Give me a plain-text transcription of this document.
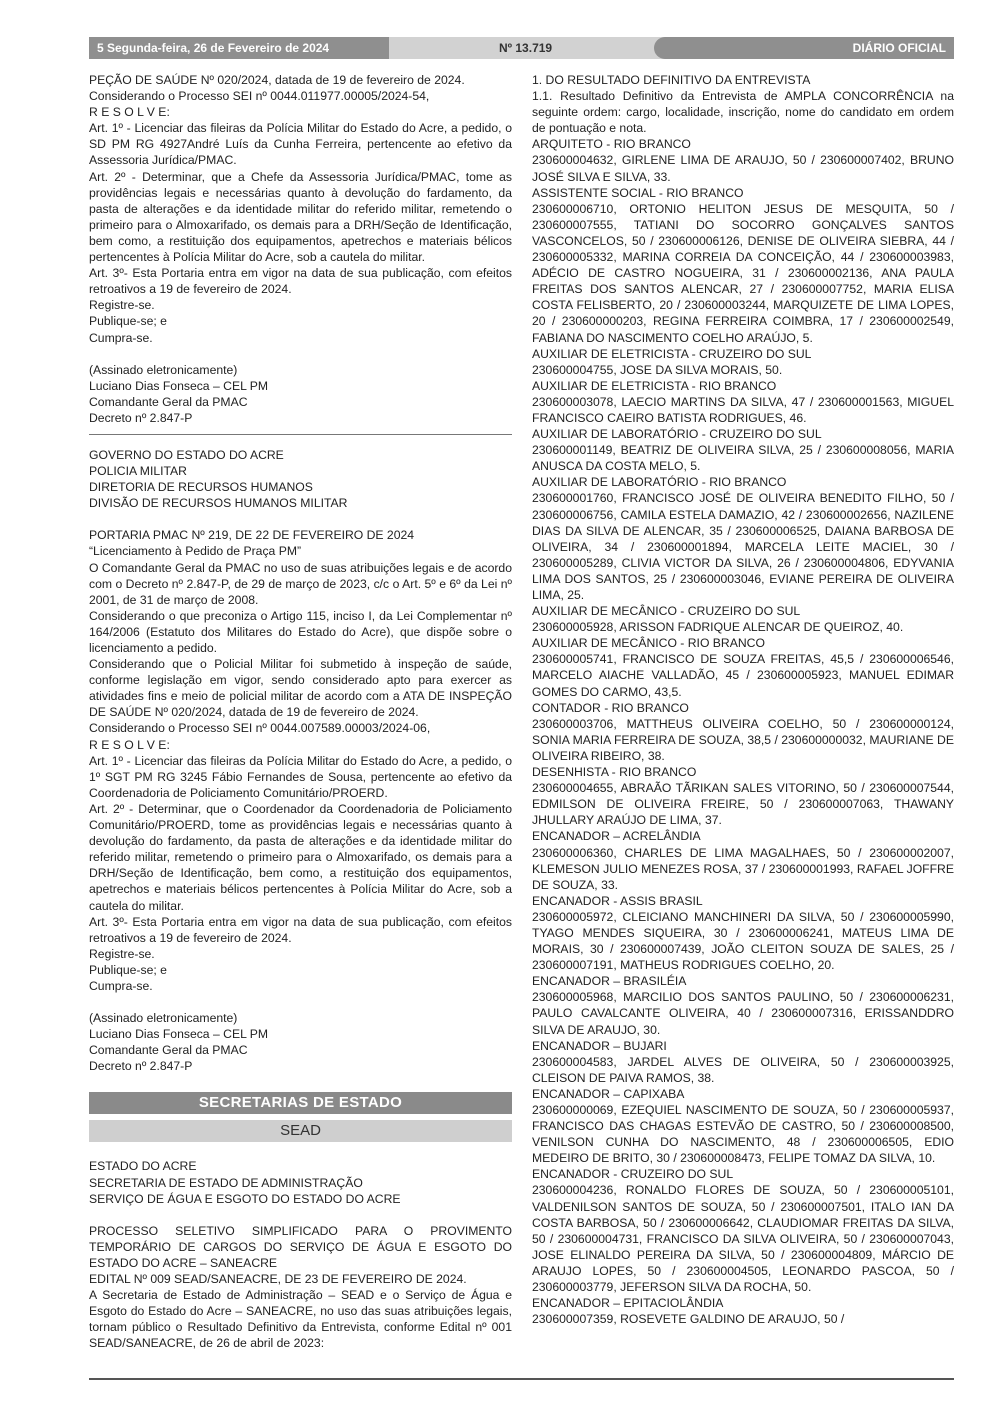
5 Segunda-feira, 26 de Fevereiro de 2024	Nº 13.719	DIÁRIO OFICIAL

PEÇÃO DE SAÚDE Nº 020/2024, datada de 19 de fevereiro de 2024.

Considerando o Processo SEI nº 0044.011977.00005/2024-54,

R E S O L V E:

Art. 1º - Licenciar das fileiras da Polícia Militar do Estado do Acre, a pedido, o SD PM RG 4927André Luís da Cunha Ferreira, pertencente ao efetivo da Assessoria Jurídica/PMAC.

Art. 2º - Determinar, que a Chefe da Assessoria Jurídica/PMAC, tome as providências legais e necessárias quanto à devolução do fardamento, da pasta de alterações e da identidade militar do referido militar, remetendo o primeiro para o Almoxarifado, os demais para a DRH/Seção de Identificação, bem como, a restituição dos equipamentos, apetrechos e materiais bélicos pertencentes à Polícia Militar do Acre, sob a cautela do militar.

Art. 3º- Esta Portaria entra em vigor na data de sua publicação, com efeitos retroativos a 19 de fevereiro de 2024.

Registre-se.

Publique-se; e

Cumpra-se.

(Assinado eletronicamente)

Luciano Dias Fonseca – CEL PM

Comandante Geral da PMAC

Decreto nº 2.847-P

GOVERNO DO ESTADO DO ACRE

POLICIA MILITAR

DIRETORIA DE RECURSOS HUMANOS

DIVISÃO DE RECURSOS HUMANOS MILITAR

PORTARIA PMAC Nº 219, DE 22 DE FEVEREIRO DE 2024

“Licenciamento à Pedido de Praça PM”

O Comandante Geral da PMAC no uso de suas atribuições legais e de acordo com o Decreto nº 2.847-P, de 29 de março de 2023, c/c o Art. 5º e 6º da Lei nº 2001, de 31 de março de 2008.

Considerando o que preconiza o Artigo 115, inciso I, da Lei Complementar nº 164/2006 (Estatuto dos Militares do Estado do Acre), que dispõe sobre o licenciamento a pedido.

Considerando que o Policial Militar foi submetido à inspeção de saúde, conforme legislação em vigor, sendo considerado apto para exercer as atividades fins e meio de policial militar de acordo com a ATA DE INSPEÇÃO DE SAÚDE Nº 020/2024, datada de 19 de fevereiro de 2024.

Considerando o Processo SEI nº 0044.007589.00003/2024-06,

R E S O L V E:

Art. 1º - Licenciar das fileiras da Polícia Militar do Estado do Acre, a pedido, o 1º SGT PM RG 3245 Fábio Fernandes de Sousa, pertencente ao efetivo da Coordenadoria de Policiamento Comunitário/PROERD.

Art. 2º - Determinar, que o Coordenador da Coordenadoria de Policiamento Comunitário/PROERD, tome as providências legais e necessárias quanto à devolução do fardamento, da pasta de alterações e da identidade militar do referido militar, remetendo o primeiro para o Almoxarifado, os demais para a DRH/Seção de Identificação, bem como, a restituição dos equipamentos, apetrechos e materiais bélicos pertencentes à Polícia Militar do Acre, sob a cautela do militar.

Art. 3º- Esta Portaria entra em vigor na data de sua publicação, com efeitos retroativos a 19 de fevereiro de 2024.

Registre-se.

Publique-se; e

Cumpra-se.

(Assinado eletronicamente)

Luciano Dias Fonseca – CEL PM

Comandante Geral da PMAC

Decreto nº 2.847-P

SECRETARIAS DE ESTADO
SEAD

ESTADO DO ACRE

SECRETARIA DE ESTADO DE ADMINISTRAÇÃO

SERVIÇO DE ÁGUA E ESGOTO DO ESTADO DO ACRE

PROCESSO SELETIVO SIMPLIFICADO PARA O PROVIMENTO TEMPORÁRIO DE CARGOS DO SERVIÇO DE ÁGUA E ESGOTO DO ESTADO DO ACRE – SANEACRE

EDITAL Nº 009 SEAD/SANEACRE, DE 23 DE FEVEREIRO DE 2024.

A Secretaria de Estado de Administração – SEAD e o Serviço de Água e Esgoto do Estado do Acre – SANEACRE, no uso das suas atribuições legais, tornam público o Resultado Definitivo da Entrevista, conforme Edital nº 001 SEAD/SANEACRE, de 26 de abril de 2023:

1. DO RESULTADO DEFINITIVO DA ENTREVISTA

1.1. Resultado Definitivo da Entrevista de AMPLA CONCORRÊNCIA na seguinte ordem: cargo, localidade, inscrição, nome do candidato em ordem de pontuação e nota.

ARQUITETO - RIO BRANCO

230600004632, GIRLENE LIMA DE ARAUJO, 50 / 230600007402, BRUNO JOSÉ SILVA E SILVA, 33.

ASSISTENTE SOCIAL - RIO BRANCO

230600006710, ORTONIO HELITON JESUS DE MESQUITA, 50 / 230600007555, TATIANI DO SOCORRO GONÇALVES SANTOS VASCONCELOS, 50 / 230600006126, DENISE DE OLIVEIRA SIEBRA, 44 / 230600005332, MARINA CORREIA DA CONCEIÇÃO, 44 / 230600003983, ADÉCIO DE CASTRO NOGUEIRA, 31 / 230600002136, ANA PAULA FREITAS DOS SANTOS ALENCAR, 27 / 230600007752, MARIA ELISA COSTA FELISBERTO, 20 / 230600003244, MARQUIZETE DE LIMA LOPES, 20 / 230600000203, REGINA FERREIRA COIMBRA, 17 / 230600002549, FABIANA DO NASCIMENTO COELHO ARAÚJO, 5.

AUXILIAR DE ELETRICISTA - CRUZEIRO DO SUL

230600004755, JOSE DA SILVA MORAIS, 50.

AUXILIAR DE ELETRICISTA - RIO BRANCO

230600003078, LAECIO MARTINS DA SILVA, 47 / 230600001563, MIGUEL FRANCISCO CAEIRO BATISTA RODRIGUES, 46.

AUXILIAR DE LABORATÓRIO - CRUZEIRO DO SUL

230600001149, BEATRIZ DE OLIVEIRA SILVA, 25 / 230600008056, MARIA ANUSCA DA COSTA MELO, 5.

AUXILIAR DE LABORATÓRIO - RIO BRANCO

230600001760, FRANCISCO JOSÉ DE OLIVEIRA BENEDITO FILHO, 50 / 230600006756, CAMILA ESTELA DAMAZIO, 42 / 230600002656, NAZILENE DIAS DA SILVA DE ALENCAR, 35 / 230600006525, DAIANA BARBOSA DE OLIVEIRA, 34 / 230600001894, MARCELA LEITE MACIEL, 30 / 230600005289, CLIVIA VICTOR DA SILVA, 26 / 230600004806, EDYVANIA LIMA DOS SANTOS, 25 / 230600003046, EVIANE PEREIRA DE OLIVEIRA LIMA, 25.

AUXILIAR DE MECÂNICO - CRUZEIRO DO SUL

230600005928, ARISSON FADRIQUE ALENCAR DE QUEIROZ, 40.

AUXILIAR DE MECÂNICO - RIO BRANCO

230600005741, FRANCISCO DE SOUZA FREITAS, 45,5 / 230600006546, MARCELO AIACHE VALLADÃO, 45 / 230600005923, MANUEL EDIMAR GOMES DO CARMO, 43,5.

CONTADOR - RIO BRANCO

230600003706, MATTHEUS OLIVEIRA COELHO, 50 / 230600000124, SONIA MARIA FERREIRA DE SOUZA, 38,5 / 230600000032, MAURIANE DE OLIVEIRA RIBEIRO, 38.

DESENHISTA - RIO BRANCO

230600004655, ABRAÃO TÃRIKAN SALES VITORINO, 50 / 230600007544, EDMILSON DE OLIVEIRA FREIRE, 50 / 230600007063, THAWANY JHULLARY ARAÚJO DE LIMA, 37.

ENCANADOR – ACRELÂNDIA

230600006360, CHARLES DE LIMA MAGALHAES, 50 / 230600002007, KLEMESON JULIO MENEZES ROSA, 37 / 230600001993, RAFAEL JOFFRE DE SOUZA, 33.

ENCANADOR - ASSIS BRASIL

230600005972, CLEICIANO MANCHINERI DA SILVA, 50 / 230600005990, TYAGO MENDES SIQUEIRA, 30 / 230600006241, MATEUS LIMA DE MORAIS, 30 / 230600007439, JOÃO CLEITON SOUZA DE SALES, 25 / 230600007191, MATHEUS RODRIGUES COELHO, 20.

ENCANADOR – BRASILÉIA

230600005968, MARCILIO DOS SANTOS PAULINO, 50 / 230600006231, PAULO CAVALCANTE OLIVEIRA, 40 / 230600007316, ERISSANDDRO SILVA DE ARAUJO, 30.

ENCANADOR – BUJARI

230600004583, JARDEL ALVES DE OLIVEIRA, 50 / 230600003925, CLEISON DE PAIVA RAMOS, 38.

ENCANADOR – CAPIXABA

230600000069, EZEQUIEL NASCIMENTO DE SOUZA, 50 / 230600005937, FRANCISCO DAS CHAGAS ESTEVÃO DE CASTRO, 50 / 230600008500, VENILSON CUNHA DO NASCIMENTO, 48 / 230600006505, EDIO MEDEIRO DE BRITO, 30 / 230600008473, FELIPE TOMAZ DA SILVA, 10.

ENCANADOR - CRUZEIRO DO SUL

230600004236, RONALDO FLORES DE SOUZA, 50 / 230600005101, VALDENILSON SANTOS DE SOUZA, 50 / 230600007501, ITALO IAN DA COSTA BARBOSA, 50 / 230600006642, CLAUDIOMAR FREITAS DA SILVA, 50 / 230600004731, FRANCISCO DA SILVA OLIVEIRA, 50 / 230600007043, JOSE ELINALDO PEREIRA DA SILVA, 50 / 230600004809, MÁRCIO DE ARAUJO LOPES, 50 / 230600004505, LEONARDO PASCOA, 50 / 230600003779, JEFERSON SILVA DA ROCHA, 50.

ENCANADOR – EPITACIOLÂNDIA

230600007359, ROSEVETE GALDINO DE ARAUJO, 50 /
